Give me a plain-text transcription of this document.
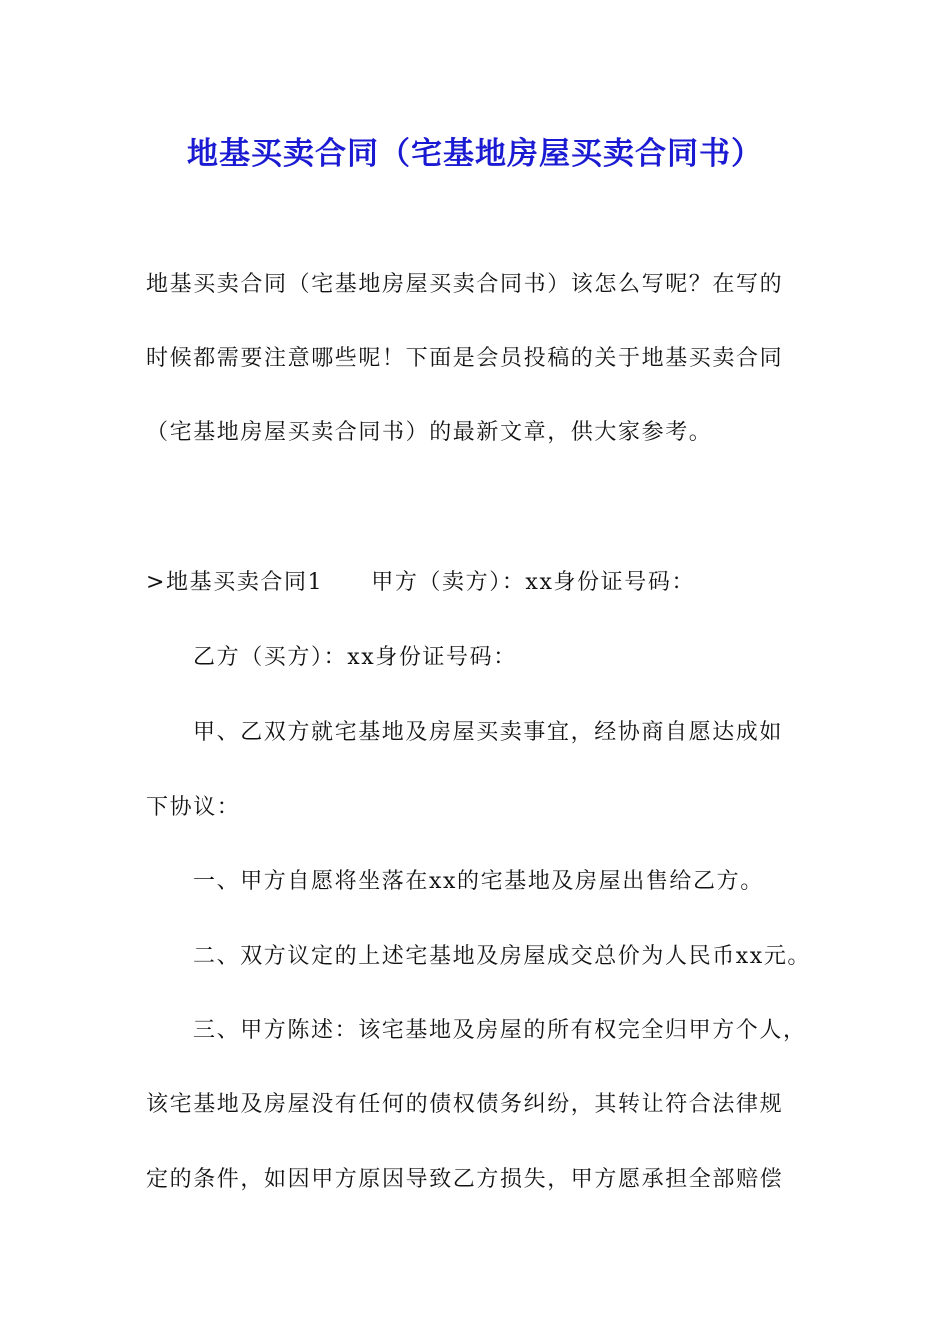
地基买卖合同（宅基地房屋买卖合同书）
地基买卖合同（宅基地房屋买卖合同书）该怎么写呢？在写的
时候都需要注意哪些呢！下面是会员投稿的关于地基买卖合同
（宅基地房屋买卖合同书）的最新文章，供大家参考。
>地基买卖合同1 甲方（卖方）：xx身份证号码：
乙方（买方）：xx身份证号码：
甲、乙双方就宅基地及房屋买卖事宜，经协商自愿达成如
下协议：
一、甲方自愿将坐落在xx的宅基地及房屋出售给乙方。
二、双方议定的上述宅基地及房屋成交总价为人民币xx元。
三、甲方陈述：该宅基地及房屋的所有权完全归甲方个人，
该宅基地及房屋没有任何的债权债务纠纷，其转让符合法律规
定的条件，如因甲方原因导致乙方损失，甲方愿承担全部赔偿
